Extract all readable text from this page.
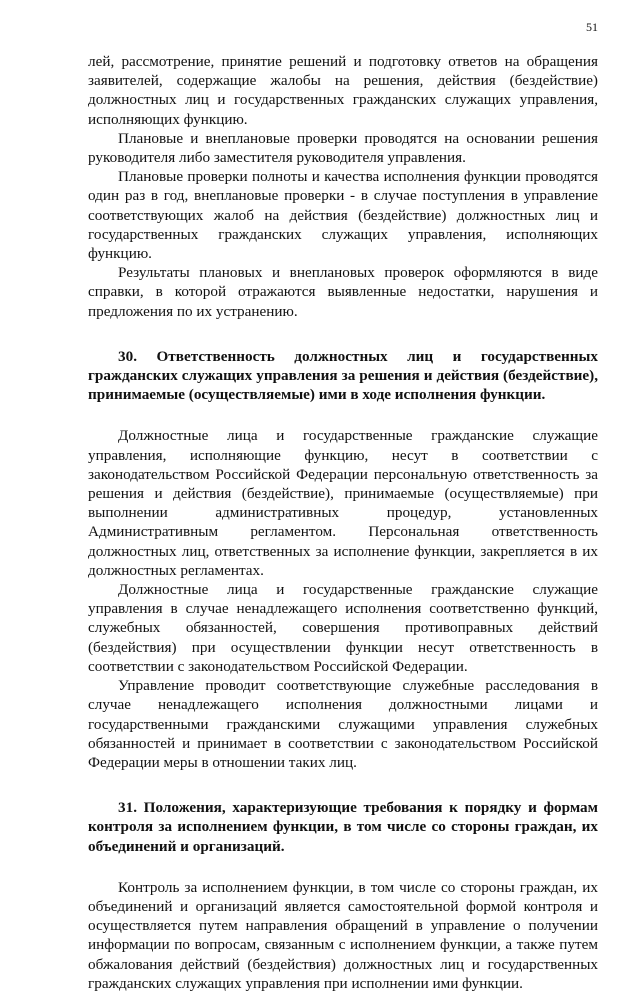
51

лей, рассмотрение, принятие решений и подготовку ответов на обращения заявителей, содержащие жалобы на решения, действия (бездействие) должностных лиц и государственных гражданских служащих управления, исполняющих функцию.

Плановые и внеплановые проверки проводятся на основании решения руководителя либо заместителя руководителя управления.

Плановые проверки полноты и качества исполнения функции проводятся один раз в год, внеплановые проверки - в случае поступления в управление соответствующих жалоб на действия (бездействие) должностных лиц и государственных гражданских служащих управления, исполняющих функцию.

Результаты плановых и внеплановых проверок оформляются в виде справки, в которой отражаются выявленные недостатки, нарушения и предложения по их устранению.

30. Ответственность должностных лиц и государственных гражданских служащих управления за решения и действия (бездействие), принимаемые (осуществляемые) ими в ходе исполнения функции.

Должностные лица и государственные гражданские служащие управления, исполняющие функцию, несут в соответствии с законодательством Российской Федерации персональную ответственность за решения и действия (бездействие), принимаемые (осуществляемые) при выполнении административных процедур, установленных Административным регламентом. Персональная ответственность должностных лиц, ответственных за исполнение функции, закрепляется в их должностных регламентах.

Должностные лица и государственные гражданские служащие управления в случае ненадлежащего исполнения соответственно функций, служебных обязанностей, совершения противоправных действий (бездействия) при осуществлении функции несут ответственность в соответствии с законодательством Российской Федерации.

Управление проводит соответствующие служебные расследования в случае ненадлежащего исполнения должностными лицами и государственными гражданскими служащими управления служебных обязанностей и принимает в соответствии с законодательством Российской Федерации меры в отношении таких лиц.

31. Положения, характеризующие требования к порядку и формам контроля за исполнением функции, в том числе со стороны граждан, их объединений и организаций.

Контроль за исполнением функции, в том числе со стороны граждан, их объединений и организаций является самостоятельной формой контроля и осуществляется путем направления обращений в управление о получении информации по вопросам, связанным с исполнением функции, а также путем обжалования действий (бездействия) должностных лиц и государственных гражданских служащих управления при исполнении ими функции.
